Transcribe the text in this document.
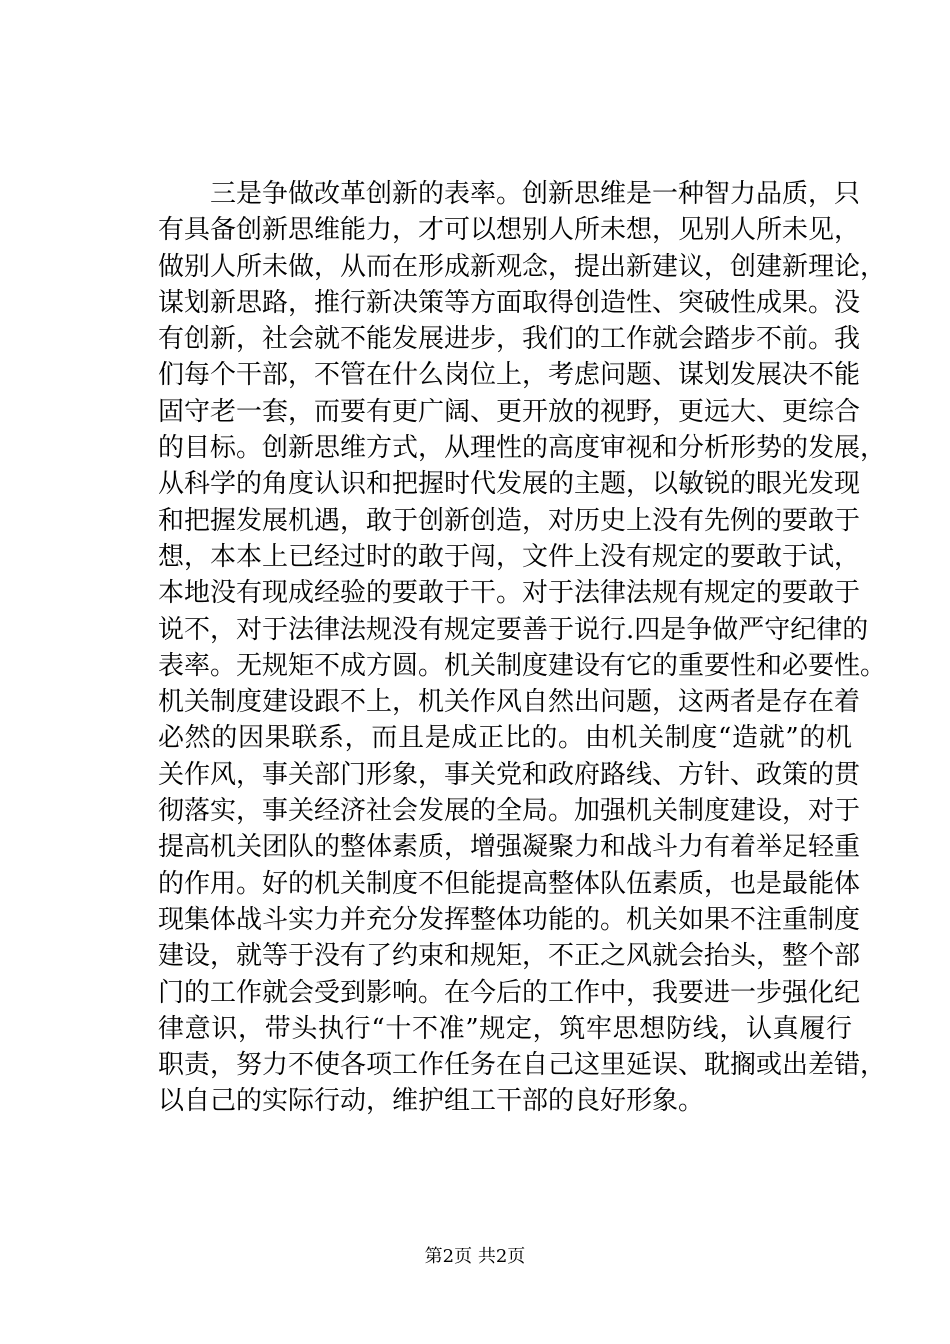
　　三是争做改革创新的表率。创新思维是一种智力品质，只
有具备创新思维能力，才可以想别人所未想，见别人所未见，
做别人所未做，从而在形成新观念，提出新建议，创建新理论，
谋划新思路，推行新决策等方面取得创造性、突破性成果。没
有创新，社会就不能发展进步，我们的工作就会踏步不前。我
们每个干部，不管在什么岗位上，考虑问题、谋划发展决不能
固守老一套，而要有更广阔、更开放的视野，更远大、更综合
的目标。创新思维方式，从理性的高度审视和分析形势的发展，
从科学的角度认识和把握时代发展的主题，以敏锐的眼光发现
和把握发展机遇，敢于创新创造，对历史上没有先例的要敢于
想，本本上已经过时的敢于闯，文件上没有规定的要敢于试，
本地没有现成经验的要敢于干。对于法律法规有规定的要敢于
说不，对于法律法规没有规定要善于说行.四是争做严守纪律的
表率。无规矩不成方圆。机关制度建设有它的重要性和必要性。
机关制度建设跟不上，机关作风自然出问题，这两者是存在着
必然的因果联系，而且是成正比的。由机关制度“造就”的机
关作风，事关部门形象，事关党和政府路线、方针、政策的贯
彻落实，事关经济社会发展的全局。加强机关制度建设，对于
提高机关团队的整体素质，增强凝聚力和战斗力有着举足轻重
的作用。好的机关制度不但能提高整体队伍素质，也是最能体
现集体战斗实力并充分发挥整体功能的。机关如果不注重制度
建设，就等于没有了约束和规矩，不正之风就会抬头，整个部
门的工作就会受到影响。在今后的工作中，我要进一步强化纪
律意识，带头执行“十不准”规定，筑牢思想防线，认真履行
职责，努力不使各项工作任务在自己这里延误、耽搁或出差错，
以自己的实际行动，维护组工干部的良好形象。
第2页 共2页
